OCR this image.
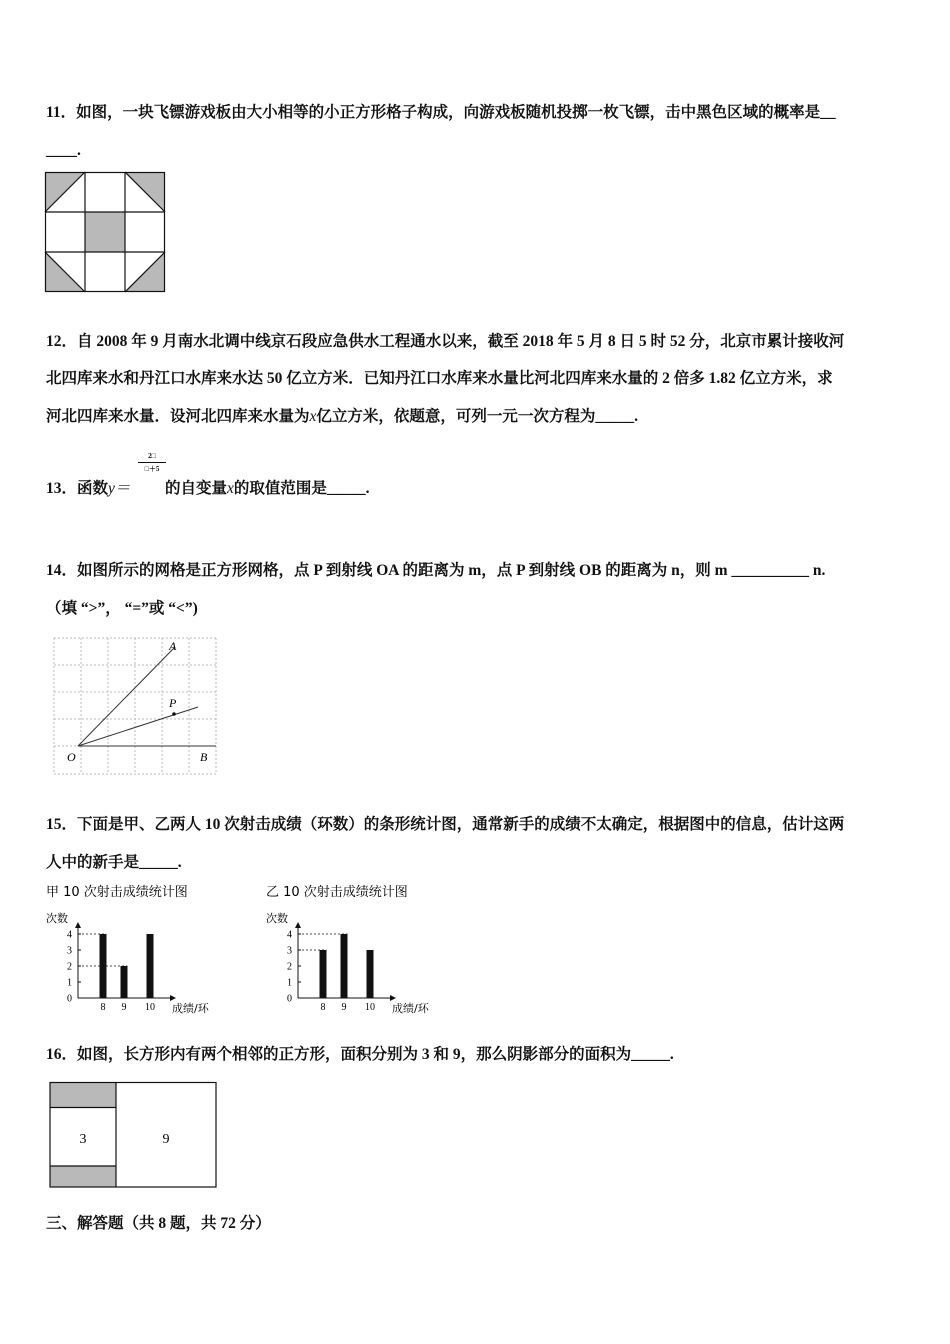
11．如图，一块飞镖游戏板由大小相等的小正方形格子构成，向游戏板随机投掷一枚飞镖，击中黑色区域的概率是__
____.
12．自 2008 年 9 月南水北调中线京石段应急供水工程通水以来，截至 2018 年 5 月 8 日 5 时 52 分，北京市累计接收河
北四库来水和丹江口水库来水达 50 亿立方米．已知丹江口水库来水量比河北四库来水量的 2 倍多 1.82 亿立方米，求
河北四库来水量．设河北四库来水量为x亿立方米，依题意，可列一元一次方程为_____.
13．函数y＝
2□
□＋5
的自变量x的取值范围是_____.
14．如图所示的网格是正方形网格，点 P 到射线 OA 的距离为 m，点 P 到射线 OB 的距离为 n，则 m __________ n.
（填 “>”， “=”或 “<”)
A
P
O	B
15．下面是甲、乙两人 10 次射击成绩（环数）的条形统计图，通常新手的成绩不太确定，根据图中的信息，估计这两
人中的新手是_____.
甲 10 次射击成绩统计图
次数
0
1
2
3
4
8 9 10 成绩/环
乙 10 次射击成绩统计图
次数
0
1
2
3
4
8 9 10 成绩/环
16．如图，长方形内有两个相邻的正方形，面积分别为 3 和 9，那么阴影部分的面积为_____.
3	9
三、解答题（共 8 题，共 72 分）
